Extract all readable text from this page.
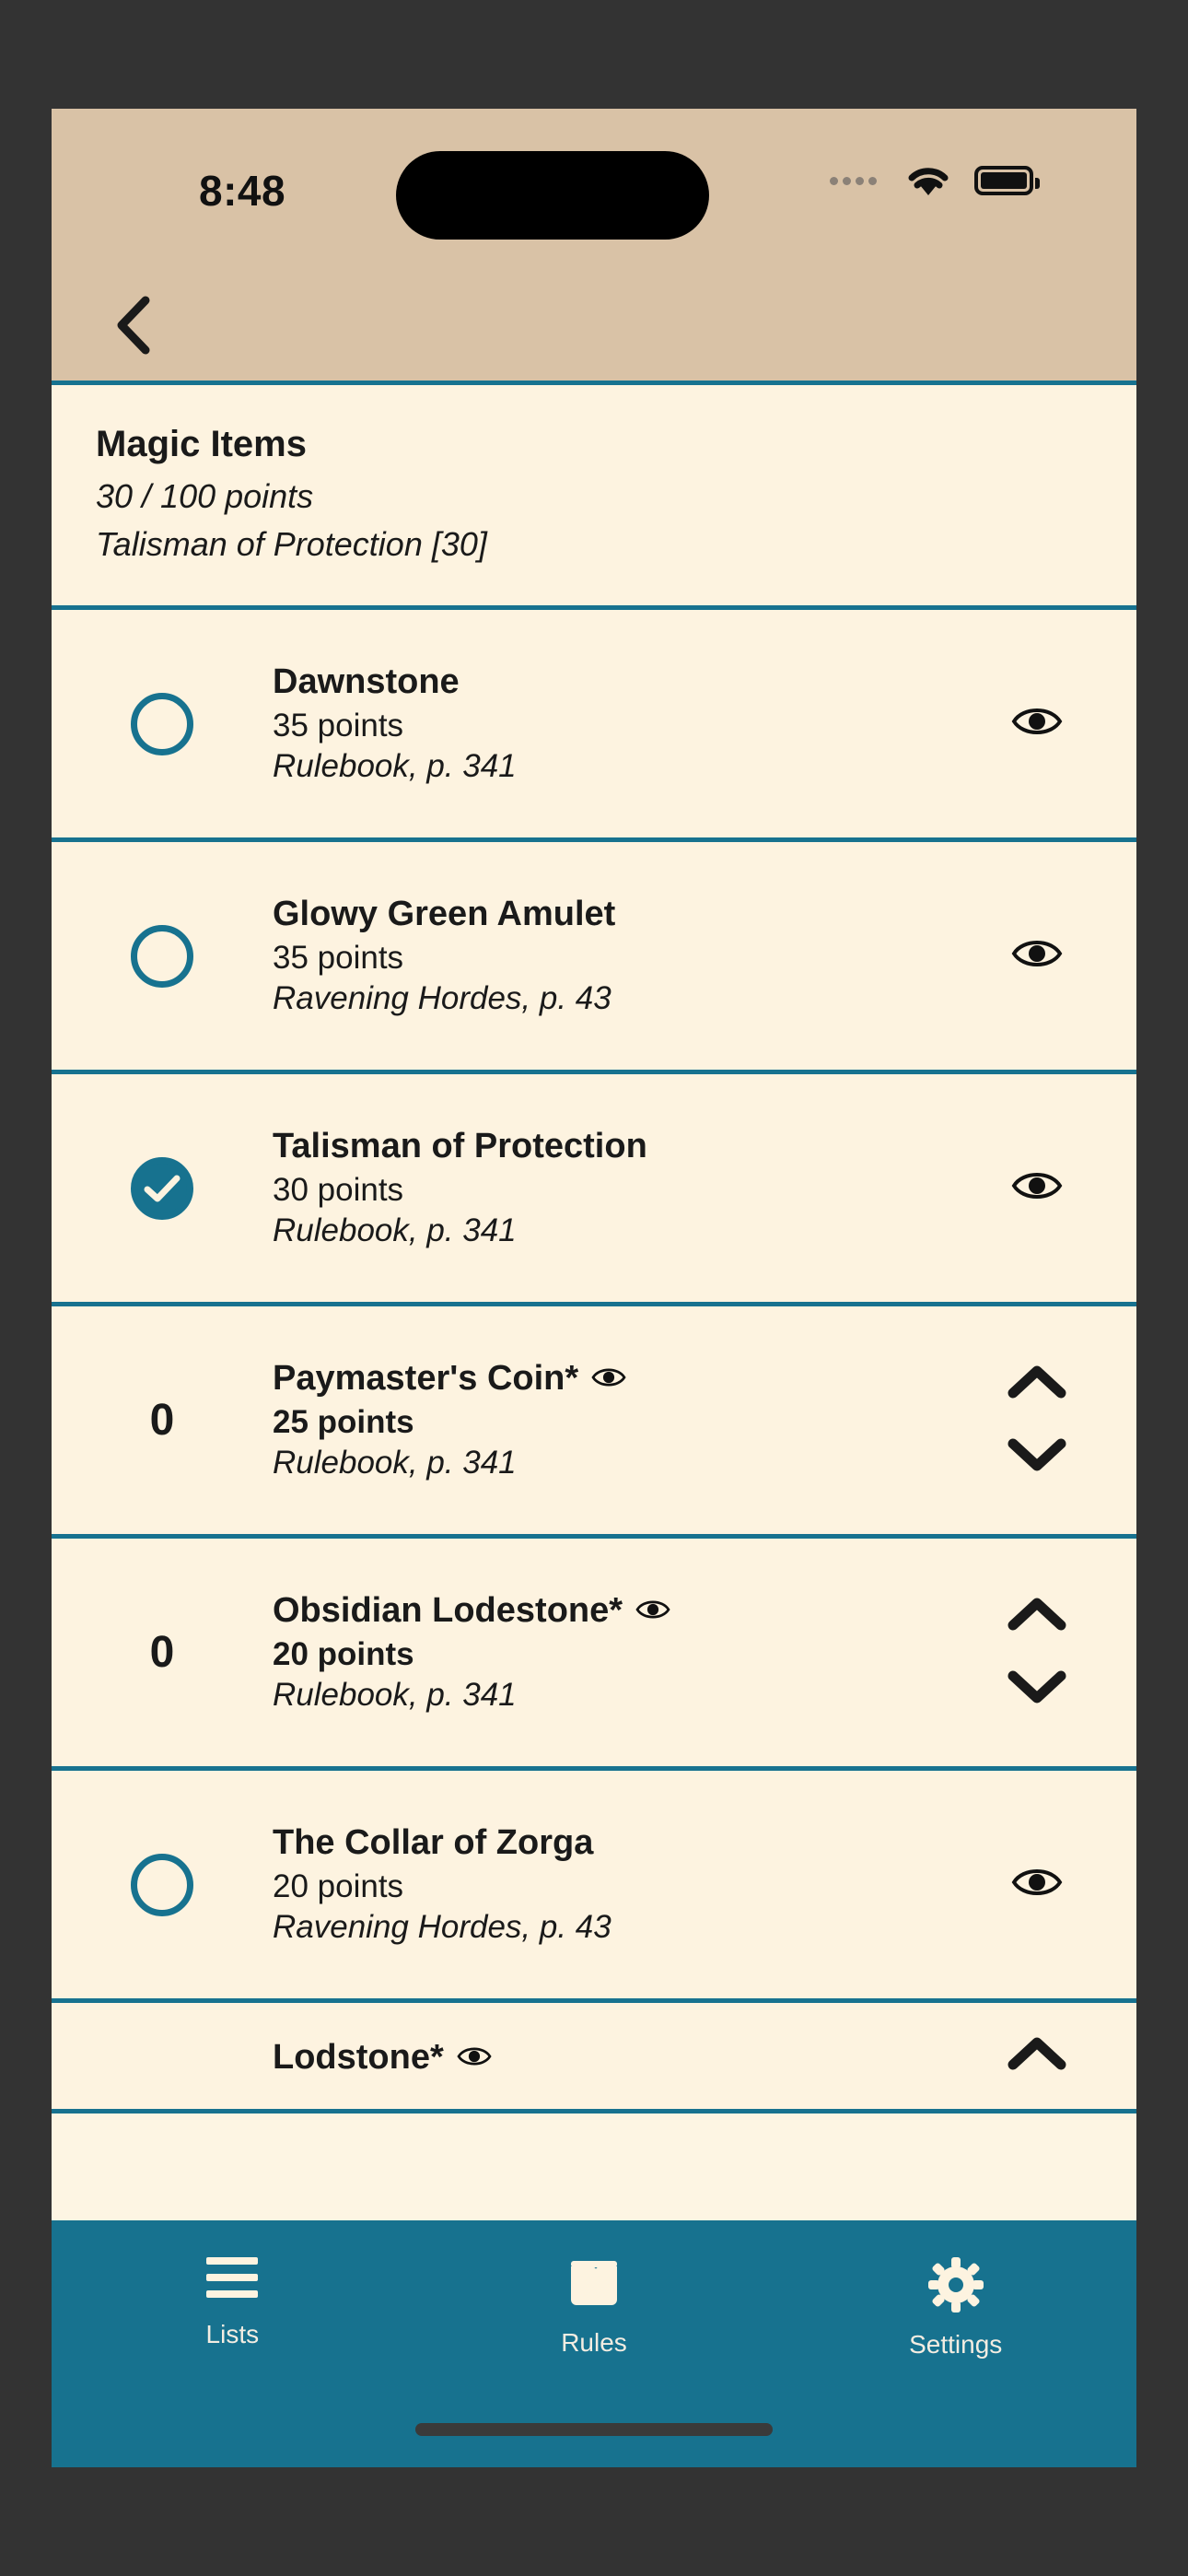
8:48
Magic Items
30 / 100 points
Talisman of Protection [30]
Dawnstone
35 points
Rulebook, p. 341
Glowy Green Amulet
35 points
Ravening Hordes, p. 43
Talisman of Protection
30 points
Rulebook, p. 341
0
Paymaster's Coin*
25 points
Rulebook, p. 341
0
Obsidian Lodestone*
20 points
Rulebook, p. 341
The Collar of Zorga
20 points
Ravening Hordes, p. 43
Lodstone*
Lists	Rules	Settings
